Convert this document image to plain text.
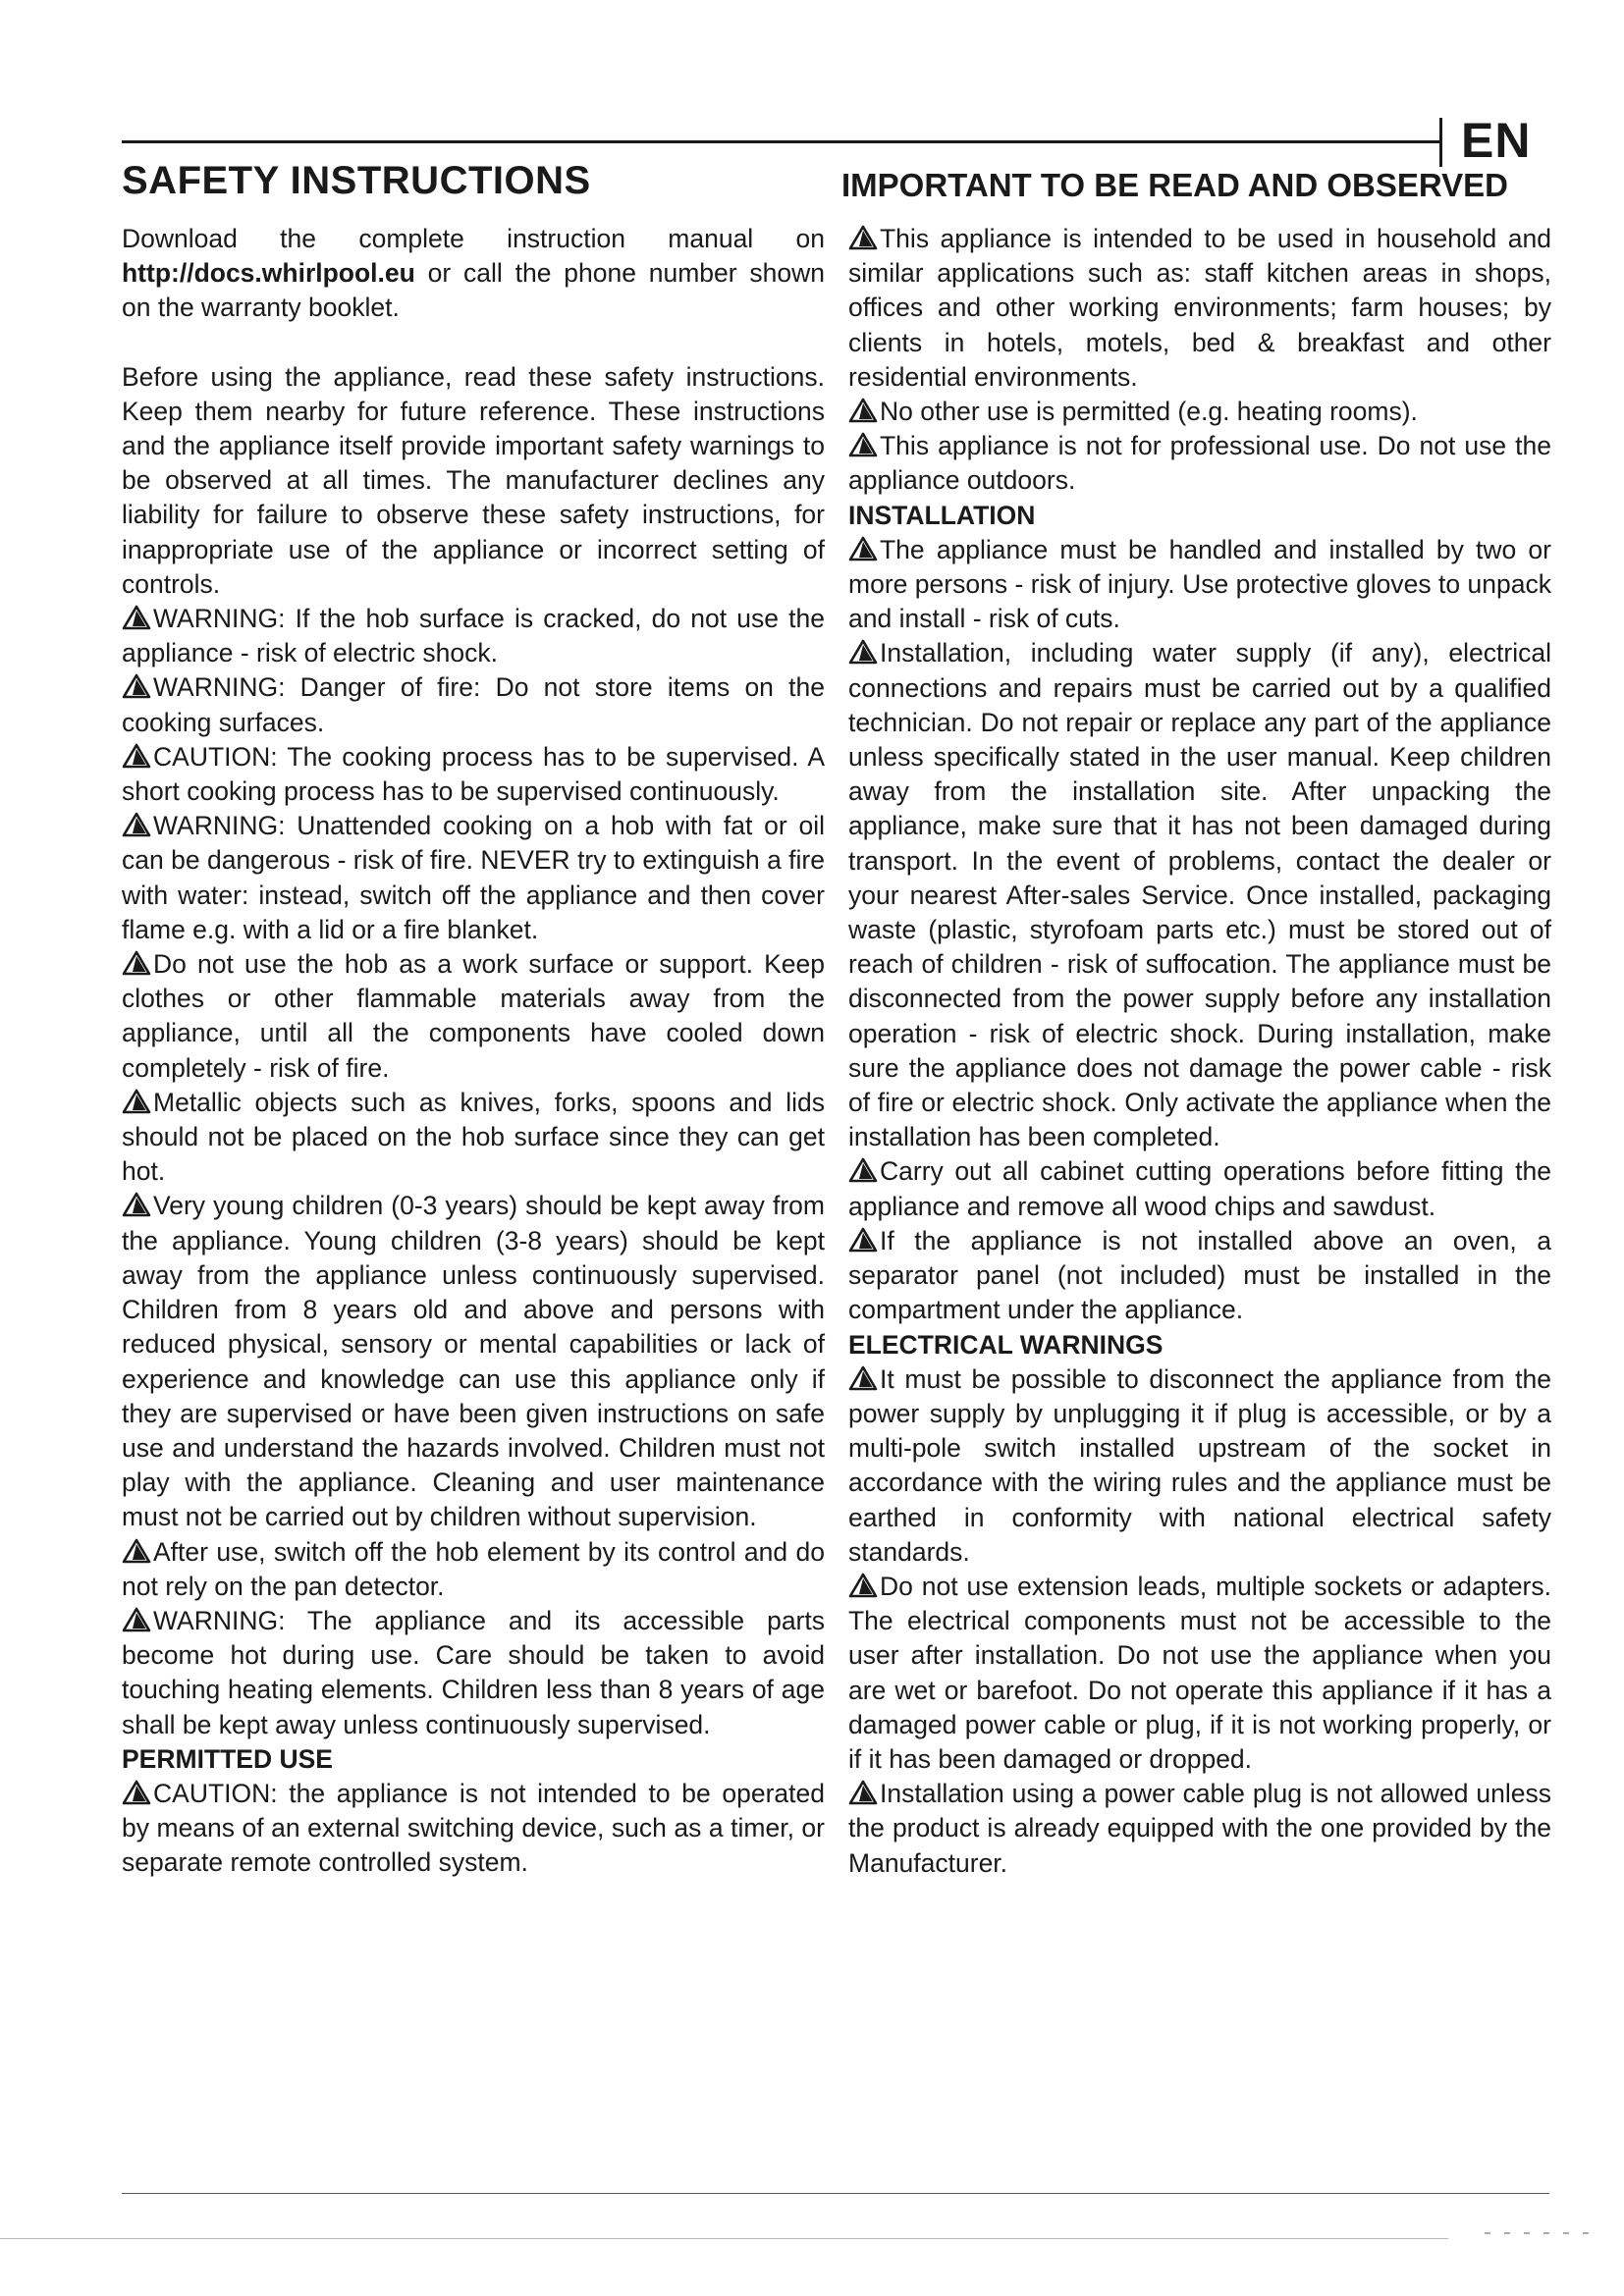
EN
SAFETY INSTRUCTIONS	IMPORTANT TO BE READ AND OBSERVED

Download the complete instruction manual on http://docs.whirlpool.eu or call the phone number shown on the warranty booklet.

Before using the appliance, read these safety instructions. Keep them nearby for future reference. These instructions and the appliance itself provide important safety warnings to be observed at all times. The manufacturer declines any liability for failure to observe these safety instructions, for inappropriate use of the appliance or incorrect setting of controls.

WARNING: If the hob surface is cracked, do not use the appliance - risk of electric shock.

WARNING: Danger of fire: Do not store items on the cooking surfaces.

CAUTION: The cooking process has to be supervised. A short cooking process has to be supervised continuously.

WARNING: Unattended cooking on a hob with fat or oil can be dangerous - risk of fire. NEVER try to extinguish a fire with water: instead, switch off the appliance and then cover flame e.g. with a lid or a fire blanket.

Do not use the hob as a work surface or support. Keep clothes or other flammable materials away from the appliance, until all the components have cooled down completely - risk of fire.

Metallic objects such as knives, forks, spoons and lids should not be placed on the hob surface since they can get hot.

Very young children (0-3 years) should be kept away from the appliance. Young children (3-8 years) should be kept away from the appliance unless continuously supervised. Children from 8 years old and above and persons with reduced physical, sensory or mental capabilities or lack of experience and knowledge can use this appliance only if they are supervised or have been given instructions on safe use and understand the hazards involved. Children must not play with the appliance. Cleaning and user maintenance must not be carried out by children without supervision.

After use, switch off the hob element by its control and do not rely on the pan detector.

WARNING: The appliance and its accessible parts become hot during use. Care should be taken to avoid touching heating elements. Children less than 8 years of age shall be kept away unless continuously supervised.

PERMITTED USE

CAUTION: the appliance is not intended to be operated by means of an external switching device, such as a timer, or separate remote controlled system.

This appliance is intended to be used in household and similar applications such as: staff kitchen areas in shops, offices and other working environments; farm houses; by clients in hotels, motels, bed & breakfast and other residential environments.

No other use is permitted (e.g. heating rooms).

This appliance is not for professional use. Do not use the appliance outdoors.

INSTALLATION

The appliance must be handled and installed by two or more persons - risk of injury. Use protective gloves to unpack and install - risk of cuts.

Installation, including water supply (if any), electrical connections and repairs must be carried out by a qualified technician. Do not repair or replace any part of the appliance unless specifically stated in the user manual. Keep children away from the installation site. After unpacking the appliance, make sure that it has not been damaged during transport. In the event of problems, contact the dealer or your nearest After-sales Service. Once installed, packaging waste (plastic, styrofoam parts etc.) must be stored out of reach of children - risk of suffocation. The appliance must be disconnected from the power supply before any installation operation - risk of electric shock. During installation, make sure the appliance does not damage the power cable - risk of fire or electric shock. Only activate the appliance when the installation has been completed.

Carry out all cabinet cutting operations before fitting the appliance and remove all wood chips and sawdust.

If the appliance is not installed above an oven, a separator panel (not included) must be installed in the compartment under the appliance.

ELECTRICAL WARNINGS

It must be possible to disconnect the appliance from the power supply by unplugging it if plug is accessible, or by a multi-pole switch installed upstream of the socket in accordance with the wiring rules and the appliance must be earthed in conformity with national electrical safety standards.

Do not use extension leads, multiple sockets or adapters. The electrical components must not be accessible to the user after installation. Do not use the appliance when you are wet or barefoot. Do not operate this appliance if it has a damaged power cable or plug, if it is not working properly, or if it has been damaged or dropped.

Installation using a power cable plug is not allowed unless the product is already equipped with the one provided by the Manufacturer.
